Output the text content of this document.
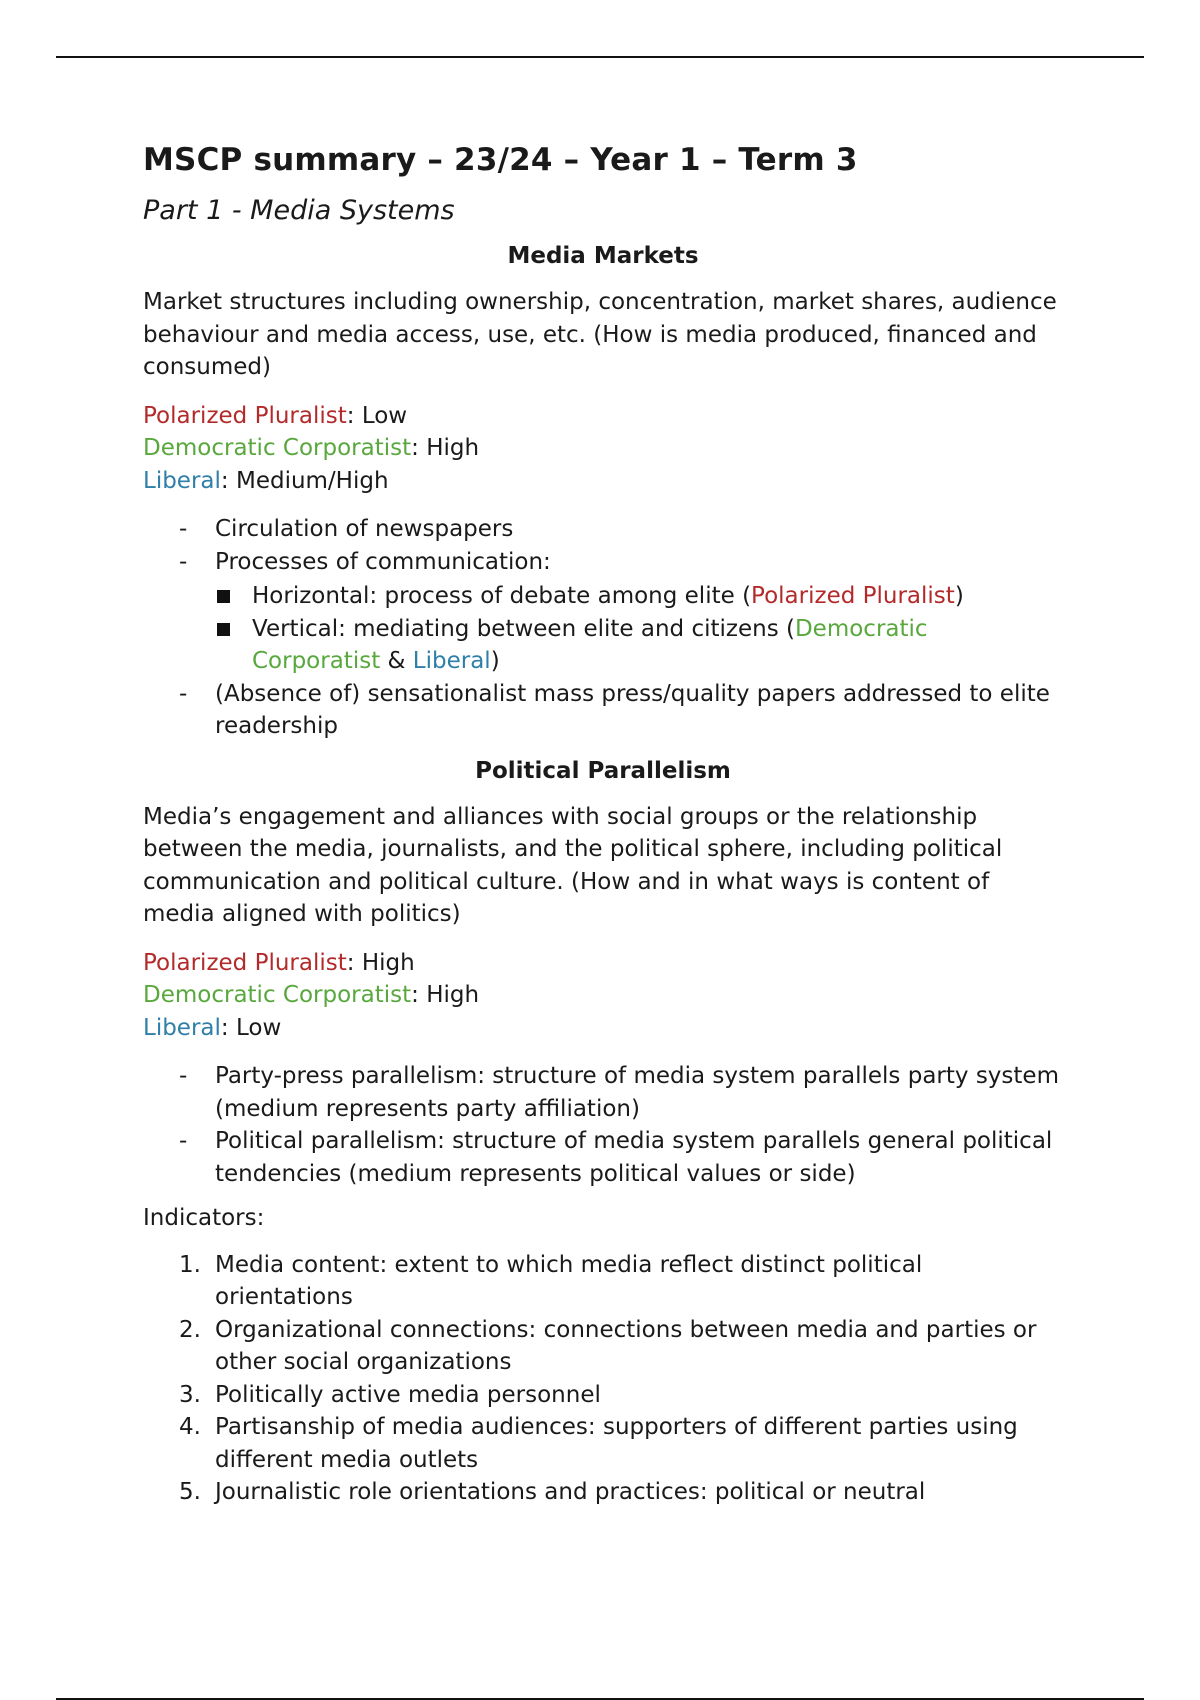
MSCP summary – 23/24 – Year 1 – Term 3
Part 1 - Media Systems
Media Markets

Market structures including ownership, concentration, market shares, audience behaviour and media access, use, etc. (How is media produced, financed and consumed)

Polarized Pluralist: Low
Democratic Corporatist: High
Liberal: Medium/High
- Circulation of newspapers
- Processes of communication:
Horizontal: process of debate among elite (Polarized Pluralist)
Vertical: mediating between elite and citizens (Democratic Corporatist & Liberal)
- (Absence of) sensationalist mass press/quality papers addressed to elite readership
Political Parallelism

Media’s engagement and alliances with social groups or the relationship between the media, journalists, and the political sphere, including political communication and political culture. (How and in what ways is content of media aligned with politics)

Polarized Pluralist: High
Democratic Corporatist: High
Liberal: Low
- Party-press parallelism: structure of media system parallels party system (medium represents party affiliation)
- Political parallelism: structure of media system parallels general political tendencies (medium represents political values or side)

Indicators:

Media content: extent to which media reflect distinct political orientations
Organizational connections: connections between media and parties or other social organizations
Politically active media personnel
Partisanship of media audiences: supporters of different parties using different media outlets
Journalistic role orientations and practices: political or neutral
